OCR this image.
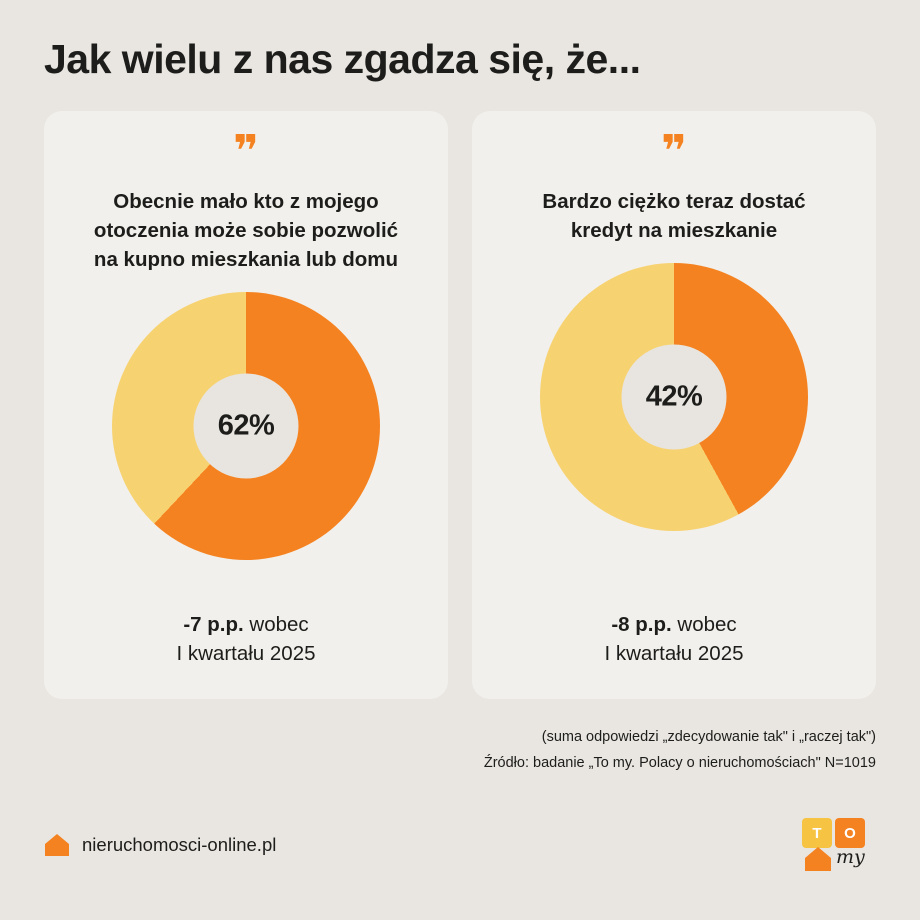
Jak wielu z nas zgadza się, że...
❞
Obecnie mało kto z mojego otoczenia może sobie pozwolić na kupno mieszkania lub domu
62%
-7 p.p. wobec
I kwartału 2025
❞
Bardzo ciężko teraz dostać kredyt na mieszkanie
42%
-8 p.p. wobec
I kwartału 2025
(suma odpowiedzi „zdecydowanie tak" i „raczej tak")
Źródło: badanie „To my. Polacy o nieruchomościach" N=1019
nieruchomosci-online.pl
T	O
my
